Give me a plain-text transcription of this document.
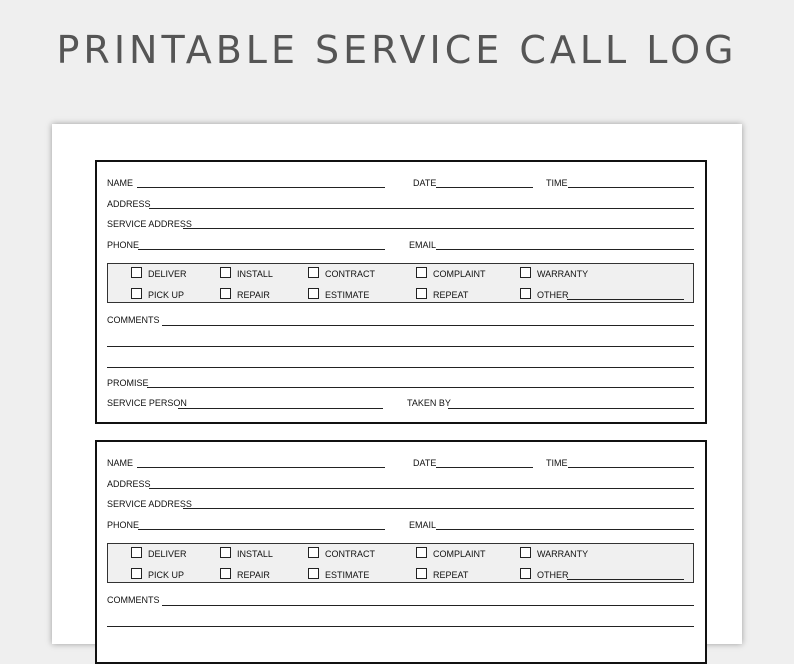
PRINTABLE SERVICE CALL LOG
NAME	DATE	TIME
ADDRESS
SERVICE ADDRESS
PHONE	EMAIL
DELIVER	INSTALL	CONTRACT	COMPLAINT	WARRANTY
PICK UP	REPAIR	ESTIMATE	REPEAT	OTHER
COMMENTS
PROMISE
SERVICE PERSON	TAKEN BY
NAME	DATE	TIME
ADDRESS
SERVICE ADDRESS
PHONE	EMAIL
DELIVER	INSTALL	CONTRACT	COMPLAINT	WARRANTY
PICK UP	REPAIR	ESTIMATE	REPEAT	OTHER
COMMENTS
